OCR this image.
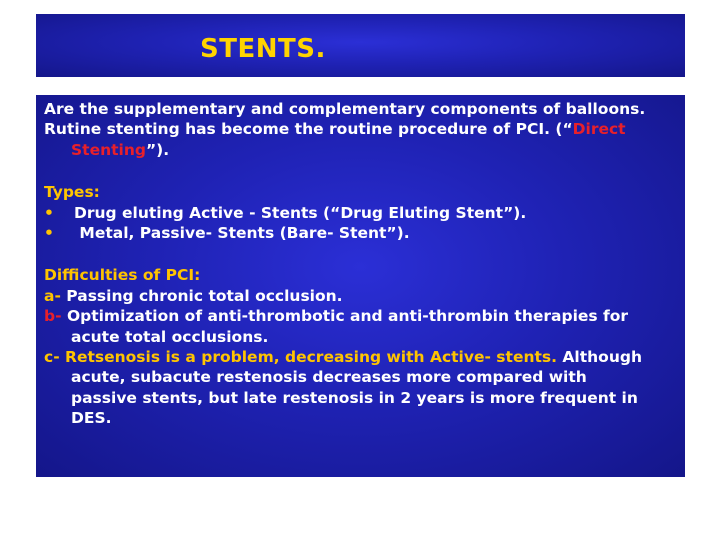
STENTS.
Are the supplementary and complementary components of balloons.
Rutine stenting has become the routine procedure of PCI. (“Direct
Stenting”).
Types:
•Drug eluting Active - Stents (“Drug Eluting Stent”).
• Metal, Passive- Stents (Bare- Stent”).
Difficulties of PCI:
a- Passing chronic total occlusion.
b- Optimization of anti-thrombotic and anti-thrombin therapies for
acute total occlusions.
c- Retsenosis is a problem, decreasing with Active- stents. Although
acute, subacute restenosis decreases more compared with
passive stents, but late restenosis in 2 years is more frequent in
DES.
